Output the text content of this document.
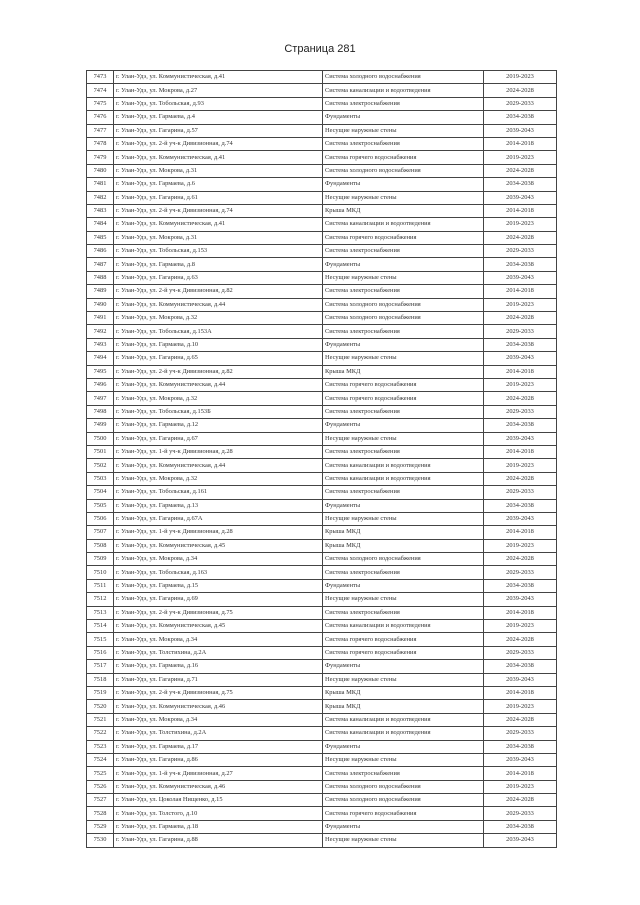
Страница 281
7473	г. Улан-Удэ, ул. Коммунистическая, д.41	Система холодного водоснабжения	2019-2023
7474	г. Улан-Удэ, ул. Мокрова, д.27	Система канализации и водоотведения	2024-2028
7475	г. Улан-Удэ, ул. Тобольская, д.93	Система электроснабжения	2029-2033
7476	г. Улан-Удэ, ул. Гармаева, д.4	Фундаменты	2034-2038
7477	г. Улан-Удэ, ул. Гагарина, д.57	Несущие наружные стены	2039-2043
7478	г. Улан-Удэ, ул. 2-й уч-к Дивизионная, д.74	Система электроснабжения	2014-2018
7479	г. Улан-Удэ, ул. Коммунистическая, д.41	Система горячего водоснабжения	2019-2023
7480	г. Улан-Удэ, ул. Мокрова, д.31	Система холодного водоснабжения	2024-2028
7481	г. Улан-Удэ, ул. Гармаева, д.6	Фундаменты	2034-2038
7482	г. Улан-Удэ, ул. Гагарина, д.61	Несущие наружные стены	2039-2043
7483	г. Улан-Удэ, ул. 2-й уч-к Дивизионная, д.74	Крыша МКД	2014-2018
7484	г. Улан-Удэ, ул. Коммунистическая, д.41	Система канализации и водоотведения	2019-2023
7485	г. Улан-Удэ, ул. Мокрова, д.31	Система горячего водоснабжения	2024-2028
7486	г. Улан-Удэ, ул. Тобольская, д.153	Система электроснабжения	2029-2033
7487	г. Улан-Удэ, ул. Гармаева, д.8	Фундаменты	2034-2038
7488	г. Улан-Удэ, ул. Гагарина, д.63	Несущие наружные стены	2039-2043
7489	г. Улан-Удэ, ул. 2-й уч-к Дивизионная, д.82	Система электроснабжения	2014-2018
7490	г. Улан-Удэ, ул. Коммунистическая, д.44	Система холодного водоснабжения	2019-2023
7491	г. Улан-Удэ, ул. Мокрова, д.32	Система холодного водоснабжения	2024-2028
7492	г. Улан-Удэ, ул. Тобольская, д.153А	Система электроснабжения	2029-2033
7493	г. Улан-Удэ, ул. Гармаева, д.10	Фундаменты	2034-2038
7494	г. Улан-Удэ, ул. Гагарина, д.65	Несущие наружные стены	2039-2043
7495	г. Улан-Удэ, ул. 2-й уч-к Дивизионная, д.82	Крыша МКД	2014-2018
7496	г. Улан-Удэ, ул. Коммунистическая, д.44	Система горячего водоснабжения	2019-2023
7497	г. Улан-Удэ, ул. Мокрова, д.32	Система горячего водоснабжения	2024-2028
7498	г. Улан-Удэ, ул. Тобольская, д.153Б	Система электроснабжения	2029-2033
7499	г. Улан-Удэ, ул. Гармаева, д.12	Фундаменты	2034-2038
7500	г. Улан-Удэ, ул. Гагарина, д.67	Несущие наружные стены	2039-2043
7501	г. Улан-Удэ, ул. 1-й уч-к Дивизионная, д.28	Система электроснабжения	2014-2018
7502	г. Улан-Удэ, ул. Коммунистическая, д.44	Система канализации и водоотведения	2019-2023
7503	г. Улан-Удэ, ул. Мокрова, д.32	Система канализации и водоотведения	2024-2028
7504	г. Улан-Удэ, ул. Тобольская, д.161	Система электроснабжения	2029-2033
7505	г. Улан-Удэ, ул. Гармаева, д.13	Фундаменты	2034-2038
7506	г. Улан-Удэ, ул. Гагарина, д.67А	Несущие наружные стены	2039-2043
7507	г. Улан-Удэ, ул. 1-й уч-к Дивизионная, д.28	Крыша МКД	2014-2018
7508	г. Улан-Удэ, ул. Коммунистическая, д.45	Крыша МКД	2019-2023
7509	г. Улан-Удэ, ул. Мокрова, д.34	Система холодного водоснабжения	2024-2028
7510	г. Улан-Удэ, ул. Тобольская, д.163	Система электроснабжения	2029-2033
7511	г. Улан-Удэ, ул. Гармаева, д.15	Фундаменты	2034-2038
7512	г. Улан-Удэ, ул. Гагарина, д.69	Несущие наружные стены	2039-2043
7513	г. Улан-Удэ, ул. 2-й уч-к Дивизионная, д.75	Система электроснабжения	2014-2018
7514	г. Улан-Удэ, ул. Коммунистическая, д.45	Система канализации и водоотведения	2019-2023
7515	г. Улан-Удэ, ул. Мокрова, д.34	Система горячего водоснабжения	2024-2028
7516	г. Улан-Удэ, ул. Толстихина, д.2А	Система горячего водоснабжения	2029-2033
7517	г. Улан-Удэ, ул. Гармаева, д.16	Фундаменты	2034-2038
7518	г. Улан-Удэ, ул. Гагарина, д.71	Несущие наружные стены	2039-2043
7519	г. Улан-Удэ, ул. 2-й уч-к Дивизионная, д.75	Крыша МКД	2014-2018
7520	г. Улан-Удэ, ул. Коммунистическая, д.46	Крыша МКД	2019-2023
7521	г. Улан-Удэ, ул. Мокрова, д.34	Система канализации и водоотведения	2024-2028
7522	г. Улан-Удэ, ул. Толстихина, д.2А	Система канализации и водоотведения	2029-2033
7523	г. Улан-Удэ, ул. Гармаева, д.17	Фундаменты	2034-2038
7524	г. Улан-Удэ, ул. Гагарина, д.86	Несущие наружные стены	2039-2043
7525	г. Улан-Удэ, ул. 1-й уч-к Дивизионная, д.27	Система электроснабжения	2014-2018
7526	г. Улан-Удэ, ул. Коммунистическая, д.46	Система холодного водоснабжения	2019-2023
7527	г. Улан-Удэ, ул. Цоколая Нищенко, д.15	Система холодного водоснабжения	2024-2028
7528	г. Улан-Удэ, ул. Толстого, д.10	Система горячего водоснабжения	2029-2033
7529	г. Улан-Удэ, ул. Гармаева, д.18	Фундаменты	2034-2038
7530	г. Улан-Удэ, ул. Гагарина, д.88	Несущие наружные стены	2039-2043
